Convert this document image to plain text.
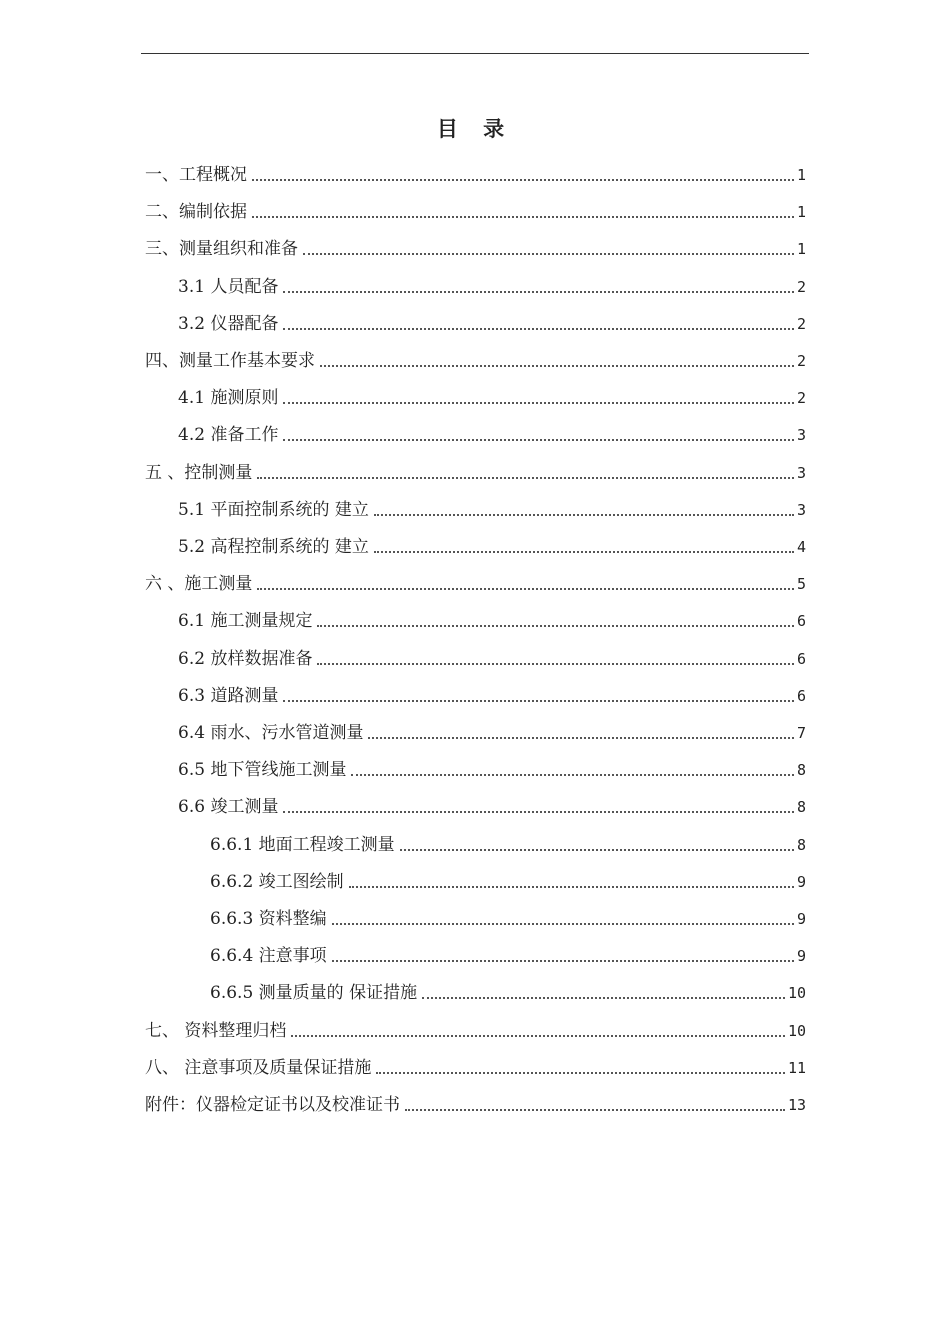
目 录
一、工程概况	1
二、编制依据	1
三、测量组织和准备	1
3.1 人员配备	2
3.2 仪器配备	2
四、测量工作基本要求	2
4.1 施测原则	2
4.2 准备工作	3
五 、控制测量	3
5.1 平面控制系统的 建立	3
5.2 高程控制系统的 建立	4
六 、施工测量	5
6.1 施工测量规定	6
6.2 放样数据准备	6
6.3 道路测量	6
6.4 雨水、污水管道测量	7
6.5 地下管线施工测量	8
6.6 竣工测量	8
6.6.1 地面工程竣工测量	8
6.6.2 竣工图绘制	9
6.6.3 资料整编	9
6.6.4 注意事项	9
6.6.5 测量质量的 保证措施	10
七、 资料整理归档	10
八、 注意事项及质量保证措施	11
附件：仪器检定证书以及校准证书	13
